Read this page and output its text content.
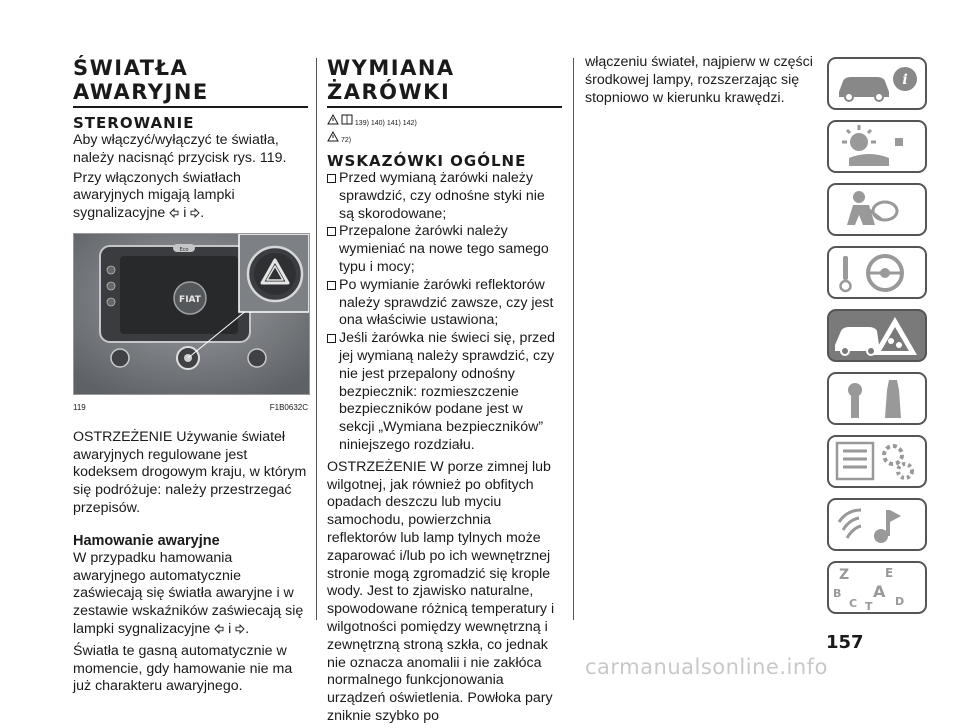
ŚWIATŁA AWARYJNE
STEROWANIE

Aby włączyć/wyłączyć te światła, należy nacisnąć przycisk rys. 119.

Przy włączonych światłach awaryjnych migają lampki sygnalizacyjne i .

FIAT
Eco
119	F1B0632C

OSTRZEŻENIE Używanie świateł awaryjnych regulowane jest kodeksem drogowym kraju, w którym się podróżuje: należy przestrzegać przepisów.

Hamowanie awaryjne

W przypadku hamowania awaryjnego automatycznie zaświecają się światła awaryjne i w zestawie wskaźników zaświecają się lampki sygnalizacyjne i .

Światła te gasną automatycznie w momencie, gdy hamowanie nie ma już charakteru awaryjnego.

WYMIANA ŻARÓWKI
139) 140) 141) 142)
72)
WSKAZÓWKI OGÓLNE
Przed wymianą żarówki należy sprawdzić, czy odnośne styki nie są skorodowane;
Przepalone żarówki należy wymieniać na nowe tego samego typu i mocy;
Po wymianie żarówki reflektorów należy sprawdzić zawsze, czy jest ona właściwie ustawiona;
Jeśli żarówka nie świeci się, przed jej wymianą należy sprawdzić, czy nie jest przepalony odnośny bezpiecznik: rozmieszczenie bezpieczników podane jest w sekcji „Wymiana bezpieczników” niniejszego rozdziału.

OSTRZEŻENIE W porze zimnej lub wilgotnej, jak również po obfitych opadach deszczu lub myciu samochodu, powierzchnia reflektorów lub lamp tylnych może zaparować i/lub po ich wewnętrznej stronie mogą zgromadzić się krople wody. Jest to zjawisko naturalne, spowodowane różnicą temperatury i wilgotności pomiędzy wewnętrzną i zewnętrzną stroną szkła, co jednak nie oznacza anomalii i nie zakłóca normalnego funkcjonowania urządzeń oświetlenia. Powłoka pary zniknie szybko po

włączeniu świateł, najpierw w części środkowej lampy, rozszerzając się stopniowo w kierunku krawędzi.

i
Z	E
B A
C T D
157
carmanualsonline.info
